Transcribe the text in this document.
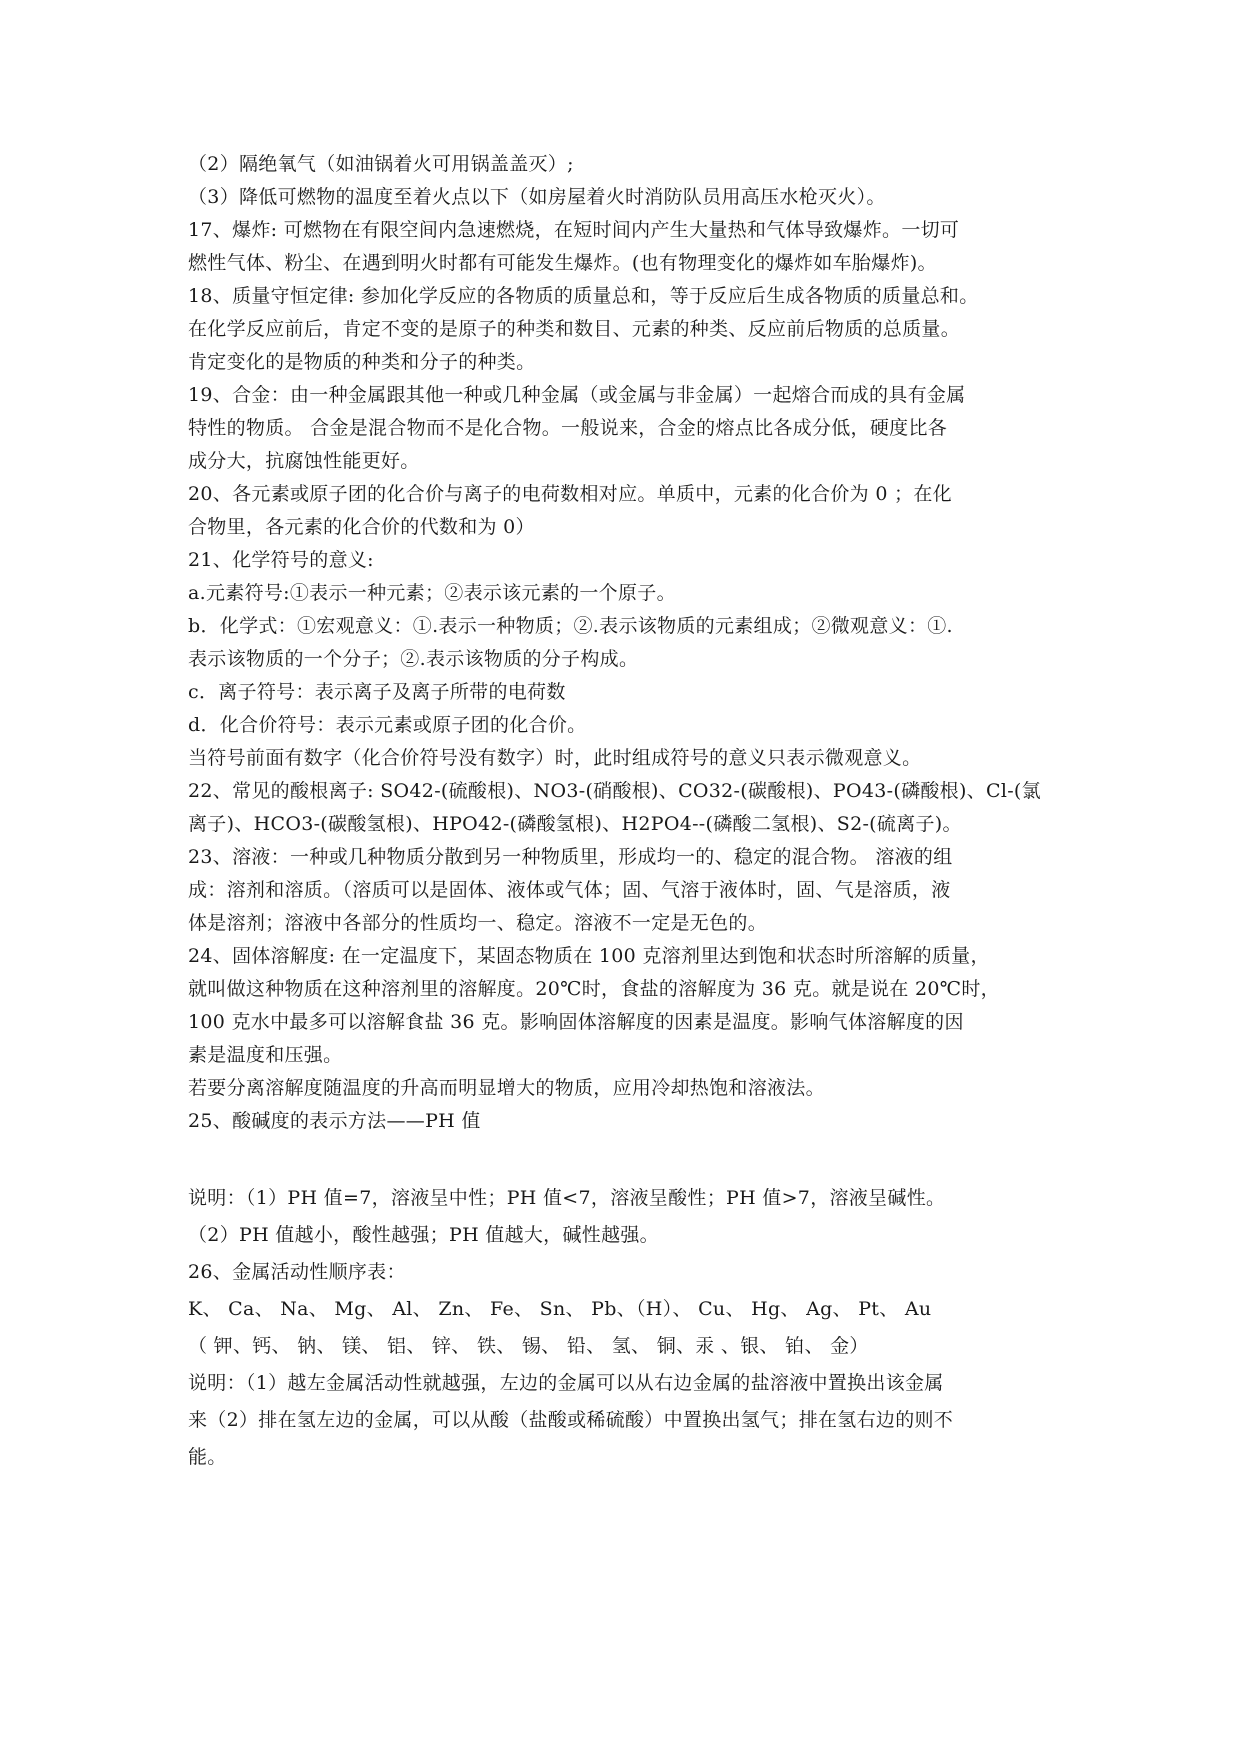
（2）隔绝氧气（如油锅着火可用锅盖盖灭）;
（3）降低可燃物的温度至着火点以下（如房屋着火时消防队员用高压水枪灭火）。
17、爆炸: 可燃物在有限空间内急速燃烧，在短时间内产生大量热和气体导致爆炸。一切可
燃性气体、粉尘、在遇到明火时都有可能发生爆炸。(也有物理变化的爆炸如车胎爆炸)。
18、质量守恒定律: 参加化学反应的各物质的质量总和，等于反应后生成各物质的质量总和。
在化学反应前后，肯定不变的是原子的种类和数目、元素的种类、反应前后物质的总质量。
肯定变化的是物质的种类和分子的种类。
19、合金：由一种金属跟其他一种或几种金属（或金属与非金属）一起熔合而成的具有金属
特性的物质。 合金是混合物而不是化合物。一般说来，合金的熔点比各成分低，硬度比各
成分大，抗腐蚀性能更好。
20、各元素或原子团的化合价与离子的电荷数相对应。单质中，元素的化合价为 0 ；在化
合物里，各元素的化合价的代数和为 0）
21、化学符号的意义:
a.元素符号:①表示一种元素；②表示该元素的一个原子。
b．化学式：①宏观意义：①.表示一种物质；②.表示该物质的元素组成；②微观意义：①.
表示该物质的一个分子；②.表示该物质的分子构成。
c．离子符号：表示离子及离子所带的电荷数
d．化合价符号：表示元素或原子团的化合价。
当符号前面有数字（化合价符号没有数字）时，此时组成符号的意义只表示微观意义。
22、常见的酸根离子: SO42-(硫酸根)、NO3-(硝酸根)、CO32-(碳酸根)、PO43-(磷酸根)、Cl-(氯
离子)、HCO3-(碳酸氢根)、HPO42-(磷酸氢根)、H2PO4--(磷酸二氢根)、S2-(硫离子)。
23、溶液：一种或几种物质分散到另一种物质里，形成均一的、稳定的混合物。 溶液的组
成：溶剂和溶质。（溶质可以是固体、液体或气体；固、气溶于液体时，固、气是溶质，液
体是溶剂；溶液中各部分的性质均一、稳定。溶液不一定是无色的。
24、固体溶解度: 在一定温度下，某固态物质在 100 克溶剂里达到饱和状态时所溶解的质量，
就叫做这种物质在这种溶剂里的溶解度。20℃时，食盐的溶解度为 36 克。就是说在 20℃时，
100 克水中最多可以溶解食盐 36 克。影响固体溶解度的因素是温度。影响气体溶解度的因
素是温度和压强。
若要分离溶解度随温度的升高而明显增大的物质，应用冷却热饱和溶液法。
25、酸碱度的表示方法——PH 值
说明：（1）PH 值=7，溶液呈中性；PH 值<7，溶液呈酸性；PH 值>7，溶液呈碱性。
（2）PH 值越小，酸性越强；PH 值越大，碱性越强。
26、金属活动性顺序表：
K、 Ca、 Na、 Mg、 Al、 Zn、 Fe、 Sn、 Pb、（H）、 Cu、 Hg、 Ag、 Pt、 Au
（ 钾、钙、 钠、 镁、 铝、 锌、 铁、 锡、 铅、 氢、 铜、汞 、银、 铂、 金）
说明：（1）越左金属活动性就越强，左边的金属可以从右边金属的盐溶液中置换出该金属
来（2）排在氢左边的金属，可以从酸（盐酸或稀硫酸）中置换出氢气；排在氢右边的则不
能。
